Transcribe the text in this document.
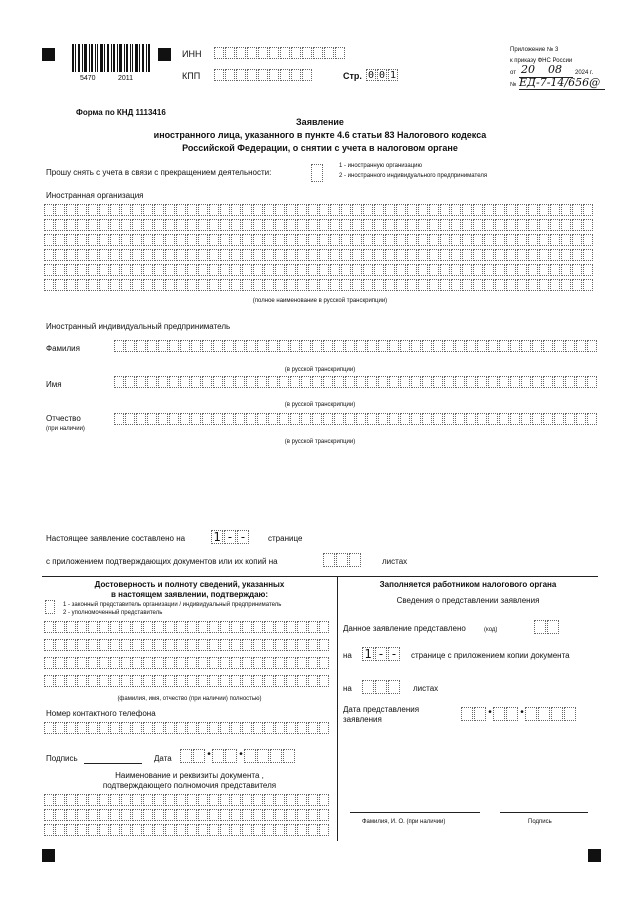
5470	2011
ИНН
КПП	Стр. 0 0 1
Приложение № 3
к приказу ФНС России
от 20 08 2024 г.
№ ЕД-7-14/656@
Форма по КНД 1113416
Заявление
иностранного лица, указанного в пункте 4.6 статьи 83 Налогового кодекса
Российской Федерации, о снятии с учета в налоговом органе
Прошу снять с учета в связи с прекращением деятельности:
1 - иностранную организацию
2 - иностранного индивидуального предпринимателя
Иностранная организация
(полное наименование в русской транскрипции)
Иностранный индивидуальный предприниматель
Фамилия
(в русской транскрипции)
Имя
(в русской транскрипции)
Отчество
(при наличии)
(в русской транскрипции)
Настоящее заявление составлено на 1 - -	странице
с приложением подтверждающих документов или их копий на	листах
Достоверность и полноту сведений, указанных
в настоящем заявлении, подтверждаю:
1 - законный представитель организации / индивидуальный предприниматель
2 - уполномоченный представитель
(фамилия, имя, отчество (при наличии) полностью)
Номер контактного телефона
Подпись	Дата	•	•
Наименование и реквизиты документа ,
подтверждающего полномочия представителя
Заполняется работником налогового органа
Сведения о представлении заявления
Данное заявление представлено	(код)
на 1 - - странице с приложением копии документа
на	листах
Дата представления
заявления
•	•
Фамилия, И. О. (при наличии)	Подпись
